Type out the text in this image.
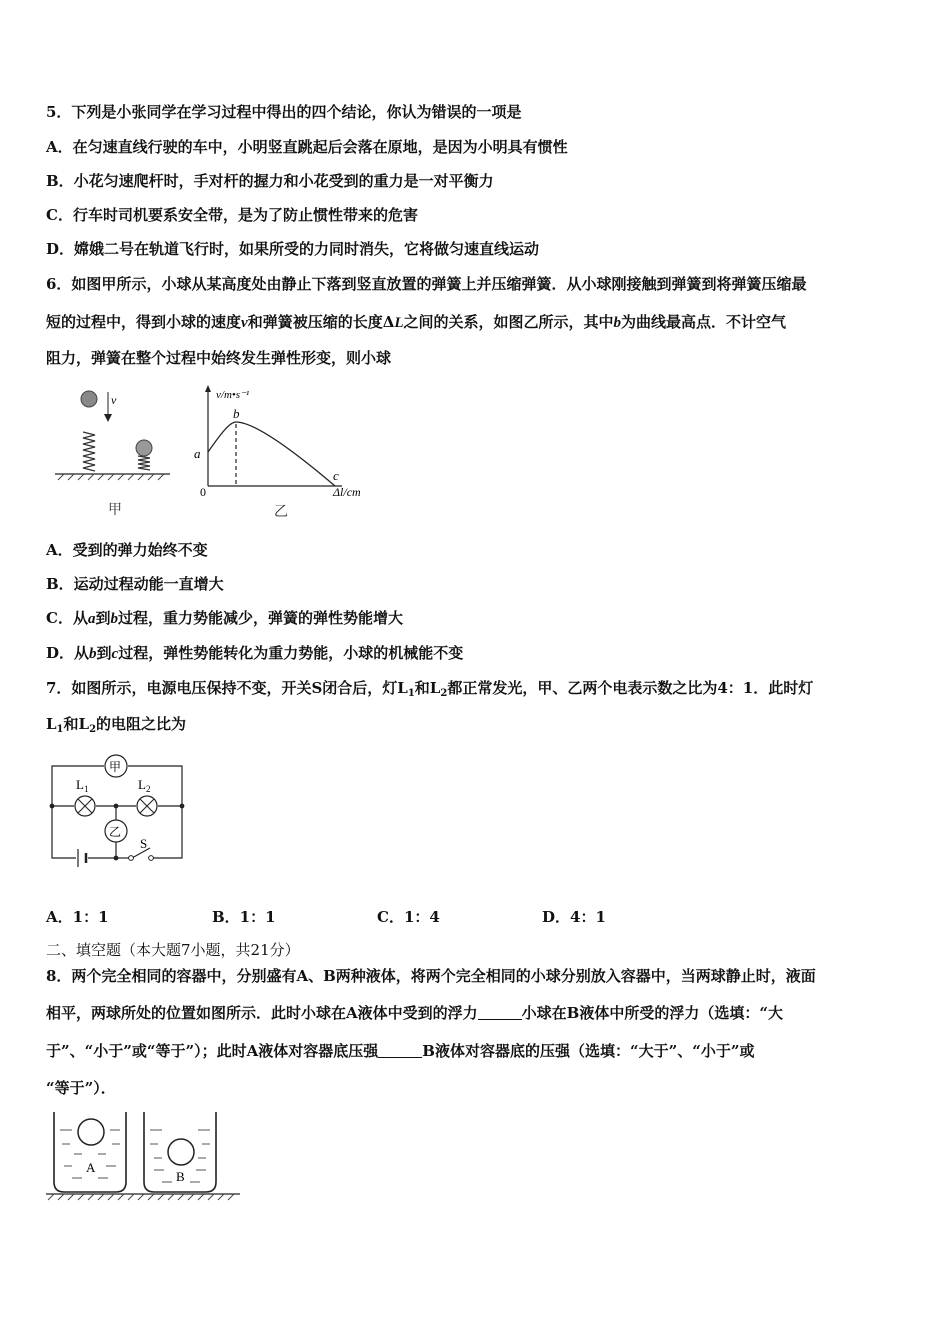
5．下列是小张同学在学习过程中得出的四个结论，你认为错误的一项是
A．在匀速直线行驶的车中，小明竖直跳起后会落在原地，是因为小明具有惯性
B．小花匀速爬杆时，手对杆的握力和小花受到的重力是一对平衡力
C．行车时司机要系安全带，是为了防止惯性带来的危害
D．嫦娥二号在轨道飞行时，如果所受的力同时消失，它将做匀速直线运动
6．如图甲所示，小球从某高度处由静止下落到竖直放置的弹簧上并压缩弹簧．从小球刚接触到弹簧到将弹簧压缩最
短的过程中，得到小球的速度v和弹簧被压缩的长度ΔL之间的关系，如图乙所示，其中b为曲线最高点．不计空气
阻力，弹簧在整个过程中始终发生弹性形变，则小球
v
甲
v/m•s⁻¹
a
b
c
0	Δl/cm
乙
A．受到的弹力始终不变
B．运动过程动能一直增大
C．从a到b过程，重力势能减少，弹簧的弹性势能增大
D．从b到c过程，弹性势能转化为重力势能，小球的机械能不变
7．如图所示，电源电压保持不变，开关S闭合后，灯$L_1$和$L_2$都正常发光，甲、乙两个电表示数之比为4：1．此时灯
$L_1$和$L_2$的电阻之比为
甲
乙
$L_1$	$L_2$
S
A．1：1	B．1：1	C．1：4	D．4：1
二、填空题（本大题7小题，共21分）
8．两个完全相同的容器中，分别盛有A、B两种液体，将两个完全相同的小球分别放入容器中，当两球静止时，液面
相平，两球所处的位置如图所示．此时小球在A液体中受到的浮力	小球在B液体中所受的浮力（选填：“大
于”、“小于”或“等于”）；此时A液体对容器底压强	B液体对容器底的压强（选填：“大于”、“小于”或
“等于”）．
A
B
